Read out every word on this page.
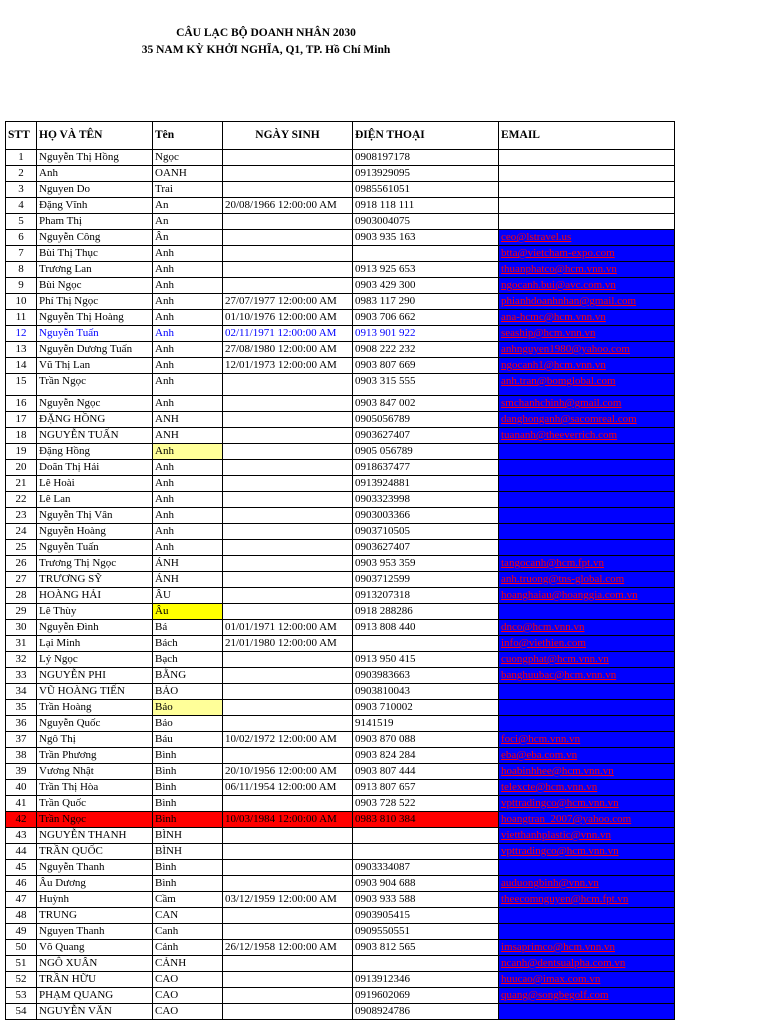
CÂU LẠC BỘ DOANH NHÂN 2030
35 NAM KỲ KHỞI NGHĨA, Q1, TP. Hồ Chí Minh
STT	HỌ VÀ TÊN	Tên	NGÀY SINH	ĐIỆN THOẠI	EMAIL
1	Nguyễn Thị Hồng	Ngọc		0908197178	
2	Anh	OANH		0913929095	
3	Nguyen Do	Trai		0985561051	
4	Đặng Vĩnh	An	20/08/1966 12:00:00 AM	0918 118 111	
5	Pham Thị	An		0903004075	
6	Nguyễn Công	Ân		0903 935 163	ceo@lstravel.us
7	Bùi Thị Thục	Anh			btta@vietcham-expo.com
8	Trương Lan	Anh		0913 925 653	thuanphatco@hcm.vnn.vn
9	Bùi Ngọc	Anh		0903 429 300	ngocanh.bui@avc.com.vn
10	Phí Thị Ngọc	Anh	27/07/1977 12:00:00 AM	0983 117 290	phianhdoanhnhan@gmail.com
11	Nguyễn Thị Hoàng	Anh	01/10/1976 12:00:00 AM	0903 706 662	ana-hcmc@hcm.vnn.vn
12	Nguyễn Tuấn	Anh	02/11/1971 12:00:00 AM	0913 901 922	seaship@hcm.vnn.vn
13	Nguyễn Dương Tuấn	Anh	27/08/1980 12:00:00 AM	0908 222 232	anhnguyen1980@yahoo.com
14	Vũ Thị Lan	Anh	12/01/1973 12:00:00 AM	0903 807 669	ngocanh1@hcm.vnn.vn
15	Trần Ngọc	Anh		0903 315 555	anh.tran@bomglobal.com
16	Nguyễn Ngọc	Anh		0903 847 002	smchanhchinh@gmail.com
17	ĐẶNG HỒNG	ANH		0905056789	danghonganh@sacomreal.com
18	NGUYỄN TUẤN	ANH		0903627407	tuananh@theeverrich.com
19	Đặng Hồng	Anh		0905 056789	
20	Doãn Thị Hải	Anh		0918637477	
21	Lê Hoài	Anh		0913924881	
22	Lê Lan	Anh		0903323998	
23	Nguyễn Thị Vân	Anh		0903003366	
24	Nguyễn Hoàng	Anh		0903710505	
25	Nguyễn Tuấn	Anh		0903627407	
26	Trương Thị Ngọc	ÁNH		0903 953 359	tangocanh@hcm.fpt.vn
27	TRƯƠNG SỸ	ÁNH		0903712599	anh.truong@tns-global.com
28	HOÀNG HẢI	ÂU		0913207318	hoanghaiau@hoanggia.com.vn
29	Lê Thùy	Âu		0918 288286	
30	Nguyễn Đình	Bá	01/01/1971 12:00:00 AM	0913 808 440	dnco@hcm.vnn.vn
31	Lại Minh	Bách	21/01/1980 12:00:00 AM		info@viethien.com
32	Lý Ngọc	Bạch		0913 950 415	cuongphat@hcm.vnn.vn
33	NGUYỄN PHI	BẰNG		0903983663	banghuubac@hcm.vnn.vn
34	VŨ HOÀNG TIẾN	BẢO		0903810043	
35	Trần Hoàng	Bảo		0903 710002	
36	Nguyễn Quốc	Bảo		9141519	
37	Ngô Thị	Báu	10/02/1972 12:00:00 AM	0903 870 088	foci@hcm.vnn.vn
38	Trần Phương	Bình		0903 824 284	eba@eba.com.vn
39	Vương Nhật	Bình	20/10/1956 12:00:00 AM	0903 807 444	hoabinhhee@hcm.vnn.vn
40	Trần Thị Hòa	Bình	06/11/1954 12:00:00 AM	0913 807 657	telexcte@hcm.vnn.vn
41	Trần Quốc	Bình		0903 728 522	vpttradingco@hcm.vnn.vn
42	Trần Ngọc	Bình	10/03/1984 12:00:00 AM	0983 810 384	hoangtran_2007@yahoo.com
43	NGUYỄN THANH	BÌNH			vietthanhplastic@vnn.vn
44	TRẦN QUỐC	BÌNH			vpttradingco@hcm.vnn.vn
45	Nguyễn Thanh	Bình		0903334087	
46	Âu Dương	Bình		0903 904 688	auduongbinh@vnn.vn
47	Huỳnh	Cầm	03/12/1959 12:00:00 AM	0903 933 588	theecomnguyen@hcm.fpt.vn
48	TRUNG	CAN		0903905415	
49	Nguyen Thanh	Canh		0909550551	
50	Võ Quang	Cảnh	26/12/1958 12:00:00 AM	0903 812 565	imsaprimco@hcm.vnn.vn
51	NGÔ XUÂN	CẢNH			ncanh@dentsualpha.com.vn
52	TRẦN HỮU	CAO		0913912346	huucao@imax.com.vn
53	PHẠM QUANG	CAO		0919602069	quang@songbegolf.com
54	NGUYỄN VĂN	CAO		0908924786	
